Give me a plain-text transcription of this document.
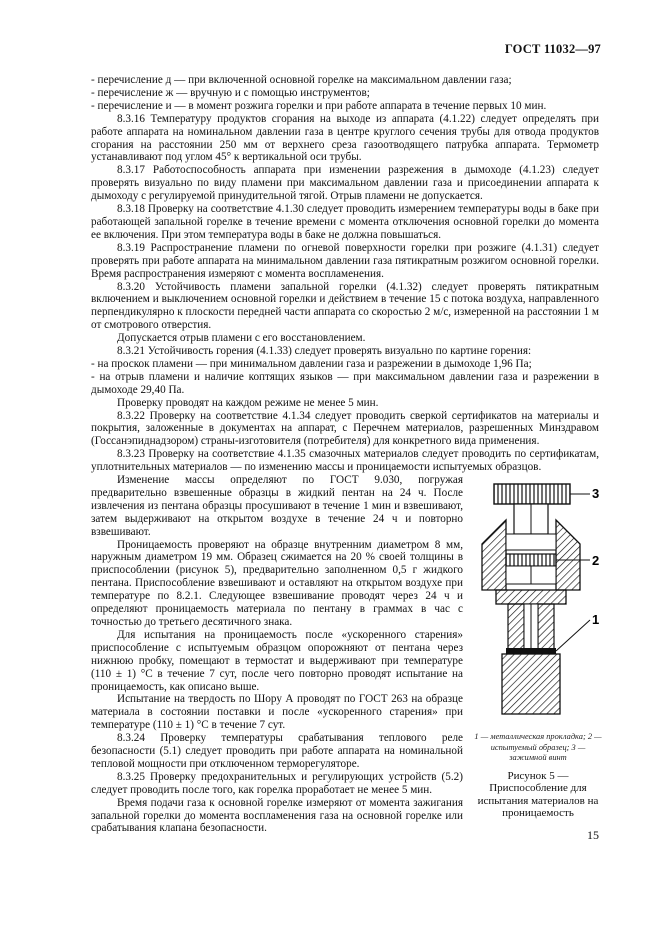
ГОСТ 11032—97

- перечисление д — при включенной основной горелке на максимальном давлении газа;

- перечисление ж — вручную и с помощью инструментов;

- перечисление и — в момент розжига горелки и при работе аппарата в течение первых 10 мин.

8.3.16 Температуру продуктов сгорания на выходе из аппарата (4.1.22) следует определять при работе аппарата на номинальном давлении газа в центре круглого сечения трубы для отвода продуктов сгорания на расстоянии 250 мм от верхнего среза газоотводящего патрубка аппарата. Термометр устанавливают под углом 45° к вертикальной оси трубы.

8.3.17 Работоспособность аппарата при изменении разрежения в дымоходе (4.1.23) следует проверять визуально по виду пламени при максимальном давлении газа и присоединении аппарата к дымоходу с регулируемой принудительной тягой. Отрыв пламени не допускается.

8.3.18 Проверку на соответствие 4.1.30 следует проводить измерением температуры воды в баке при работающей запальной горелке в течение времени с момента отключения основной горелки до момента ее включения. При этом температура воды в баке не должна повышаться.

8.3.19 Распространение пламени по огневой поверхности горелки при розжиге (4.1.31) следует проверять при работе аппарата на минимальном давлении газа пятикратным розжигом основной горелки. Время распространения измеряют с момента воспламенения.

8.3.20 Устойчивость пламени запальной горелки (4.1.32) следует проверять пятикратным включением и выключением основной горелки и действием в течение 15 с потока воздуха, направленного перпендикулярно к плоскости передней части аппарата со скоростью 2 м/с, измеренной на расстоянии 1 м от смотрового отверстия.

Допускается отрыв пламени с его восстановлением.

8.3.21 Устойчивость горения (4.1.33) следует проверять визуально по картине горения:

- на проскок пламени — при минимальном давлении газа и разрежении в дымоходе 1,96 Па;

- на отрыв пламени и наличие коптящих языков — при максимальном давлении газа и разрежении в дымоходе 29,40 Па.

Проверку проводят на каждом режиме не менее 5 мин.

8.3.22 Проверку на соответствие 4.1.34 следует проводить сверкой сертификатов на материалы и покрытия, заложенные в документах на аппарат, с Перечнем материалов, разрешенных Минздравом (Госсанэпиднадзором) страны-изготовителя (потребителя) для конкретного вида применения.

8.3.23 Проверку на соответствие 4.1.35 смазочных материалов следует проводить по сертификатам, уплотнительных материалов — по изменению массы и проницаемости испытуемых образцов.

Изменение массы определяют по ГОСТ 9.030, погружая предварительно взвешенные образцы в жидкий пентан на 24 ч. После извлечения из пентана образцы просушивают в течение 1 мин и взвешивают, затем выдерживают на открытом воздухе в течение 24 ч и повторно взвешивают.

Проницаемость проверяют на образце внутренним диаметром 8 мм, наружным диаметром 19 мм. Образец сжимается на 20 % своей толщины в приспособлении (рисунок 5), предварительно заполненном 0,5 г жидкого пентана. Приспособление взвешивают и оставляют на открытом воздухе при температуре по 8.2.1. Следующее взвешивание проводят через 24 ч и определяют проницаемость материала по пентану в граммах в час с точностью до третьего десятичного знака.

Для испытания на проницаемость после «ускоренного старения» приспособление с испытуемым образцом опорожняют от пентана через нижнюю пробку, помещают в термостат и выдерживают при температуре (110 ± 1) °С в течение 7 сут, после чего повторно проводят испытание на проницаемость, как описано выше.

Испытание на твердость по Шору А проводят по ГОСТ 263 на образце материала в состоянии поставки и после «ускоренного старения» при температуре (110 ± 1) °С в течение 7 сут.

8.3.24 Проверку температуры срабатывания теплового реле безопасности (5.1) следует проводить при работе аппарата на номинальной тепловой мощности при отключенном терморегуляторе.

8.3.25 Проверку предохранительных и регулирующих устройств (5.2) следует проводить после того, как горелка проработает не менее 5 мин.

Время подачи газа к основной горелке измеряют от момента зажигания запальной горелки до момента воспламенения газа на основной горелке или срабатывания клапана безопасности.

3
2
1
1 — металлическая прокладка; 2 — испытуемый образец; 3 — зажимной винт
Рисунок 5 — Приспособление для испытания материалов на проницаемость
15
